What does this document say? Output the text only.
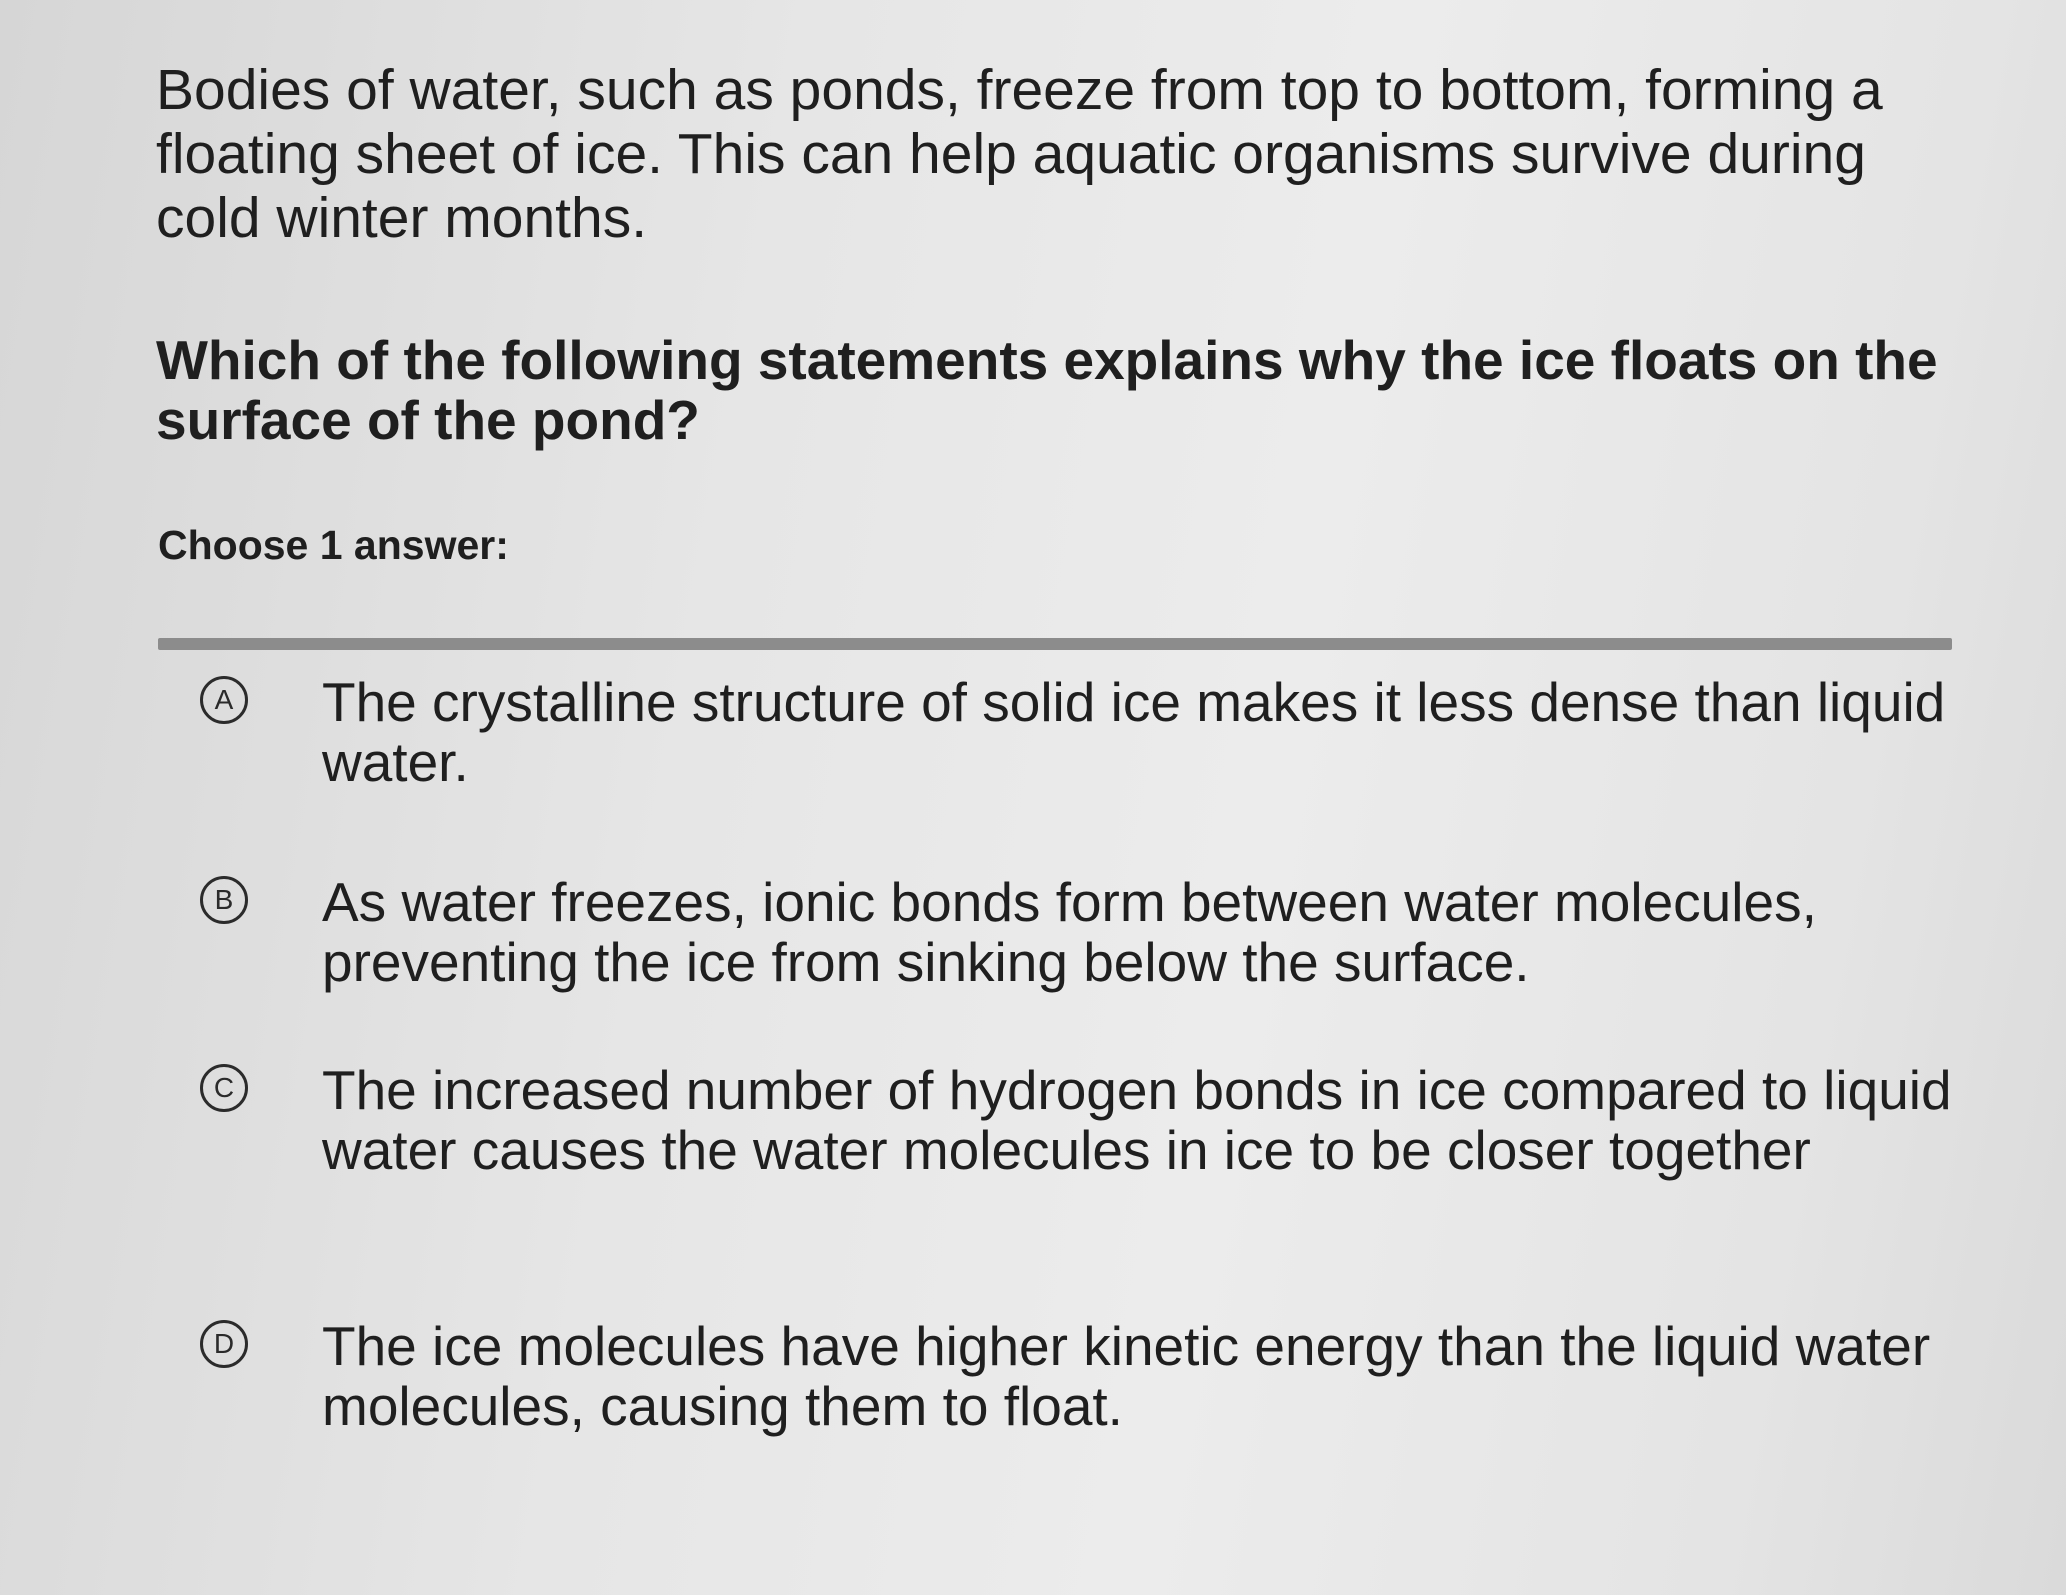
Bodies of water, such as ponds, freeze from top to bottom, forming a floating sheet of ice. This can help aquatic organisms survive during cold winter months.

Which of the following statements explains why the ice floats on the surface of the pond?

Choose 1 answer:

A The crystalline structure of solid ice makes it less dense than liquid water.
B As water freezes, ionic bonds form between water molecules, preventing the ice from sinking below the surface.
C The increased number of hydrogen bonds in ice compared to liquid water causes the water molecules in ice to be closer together
D The ice molecules have higher kinetic energy than the liquid water molecules, causing them to float.
